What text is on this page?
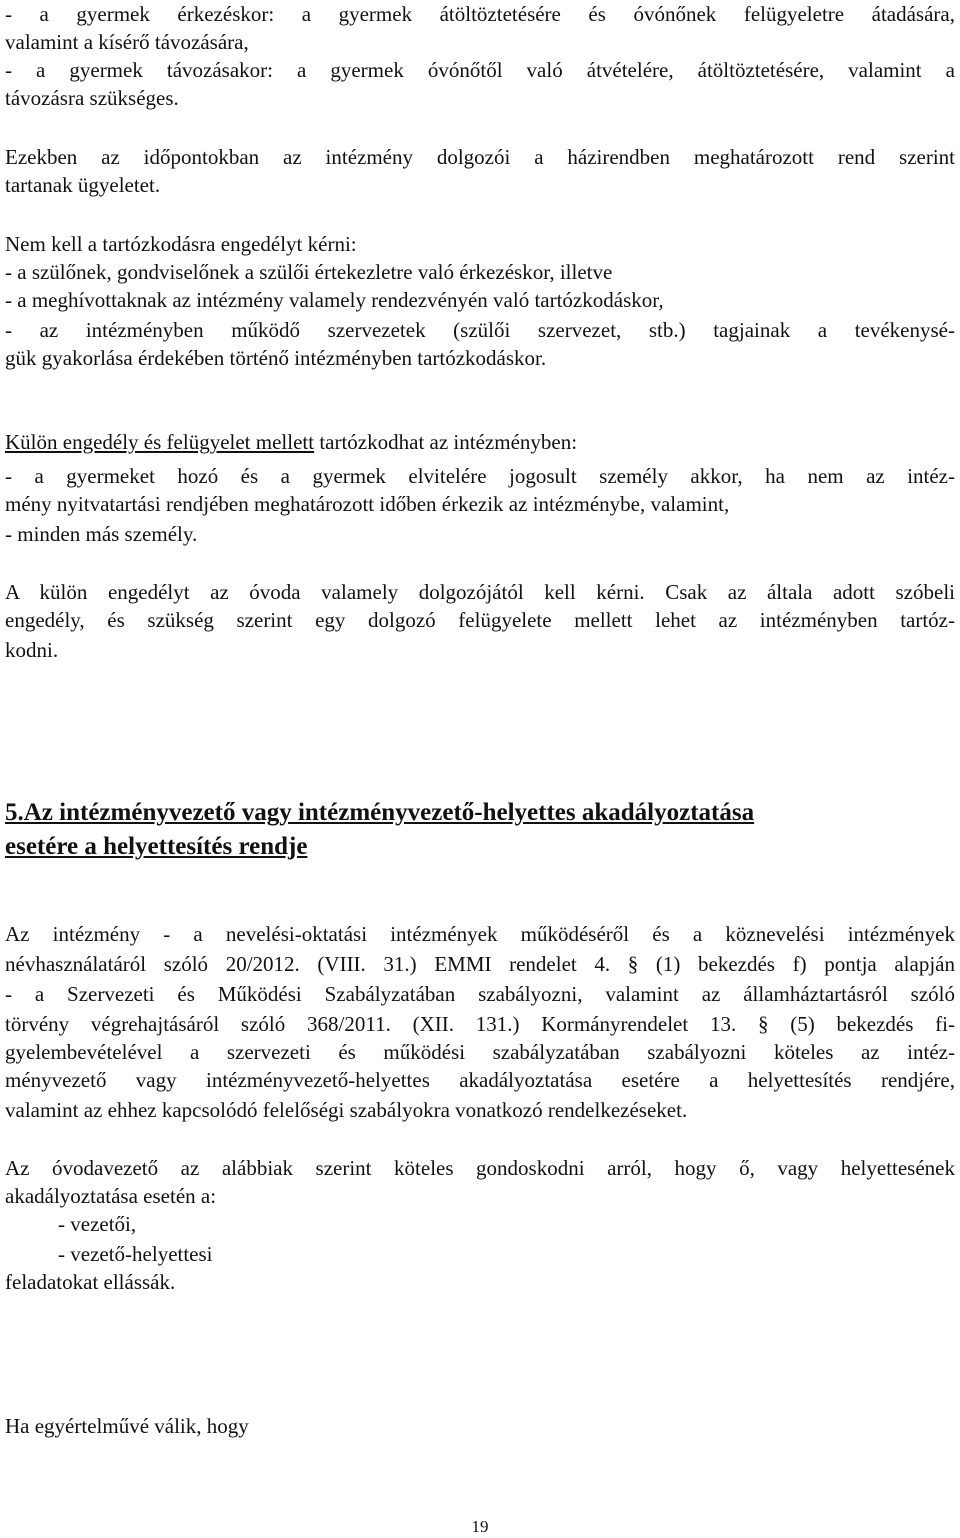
- a gyermek érkezéskor: a gyermek átöltöztetésére és óvónőnek felügyeletre átadására,

valamint a kísérő távozására,

- a gyermek távozásakor: a gyermek óvónőtől való átvételére, átöltöztetésére, valamint a

távozásra szükséges.

Ezekben az időpontokban az intézmény dolgozói a házirendben meghatározott rend szerint

tartanak ügyeletet.

Nem kell a tartózkodásra engedélyt kérni:

- a szülőnek, gondviselőnek a szülői értekezletre való érkezéskor, illetve

- a meghívottaknak az intézmény valamely rendezvényén való tartózkodáskor,

- az intézményben működő szervezetek (szülői szervezet, stb.) tagjainak a tevékenysé-

gük gyakorlása érdekében történő intézményben tartózkodáskor.

Külön engedély és felügyelet mellett tartózkodhat az intézményben:

- a gyermeket hozó és a gyermek elvitelére jogosult személy akkor, ha nem az intéz-

mény nyitvatartási rendjében meghatározott időben érkezik az intézménybe, valamint,

- minden más személy.

A külön engedélyt az óvoda valamely dolgozójától kell kérni. Csak az általa adott szóbeli

engedély, és szükség szerint egy dolgozó felügyelete mellett lehet az intézményben tartóz-

kodni.

5.Az intézményvezető vagy intézményvezető-helyettes akadályoztatása
esetére a helyettesítés rendje

Az intézmény - a nevelési-oktatási intézmények működéséről és a köznevelési intézmények

névhasználatáról szóló 20/2012. (VIII. 31.) EMMI rendelet 4. § (1) bekezdés f) pontja alapján

- a Szervezeti és Működési Szabályzatában szabályozni, valamint az államháztartásról szóló

törvény végrehajtásáról szóló 368/2011. (XII. 131.) Kormányrendelet 13. § (5) bekezdés fi-

gyelembevételével a szervezeti és működési szabályzatában szabályozni köteles az intéz-

ményvezető vagy intézményvezető-helyettes akadályoztatása esetére a helyettesítés rendjére,

valamint az ehhez kapcsolódó felelőségi szabályokra vonatkozó rendelkezéseket.

Az óvodavezető az alábbiak szerint köteles gondoskodni arról, hogy ő, vagy helyettesének

akadályoztatása esetén a:

- vezetői,

- vezető-helyettesi

feladatokat ellássák.

Ha egyértelművé válik, hogy

19
